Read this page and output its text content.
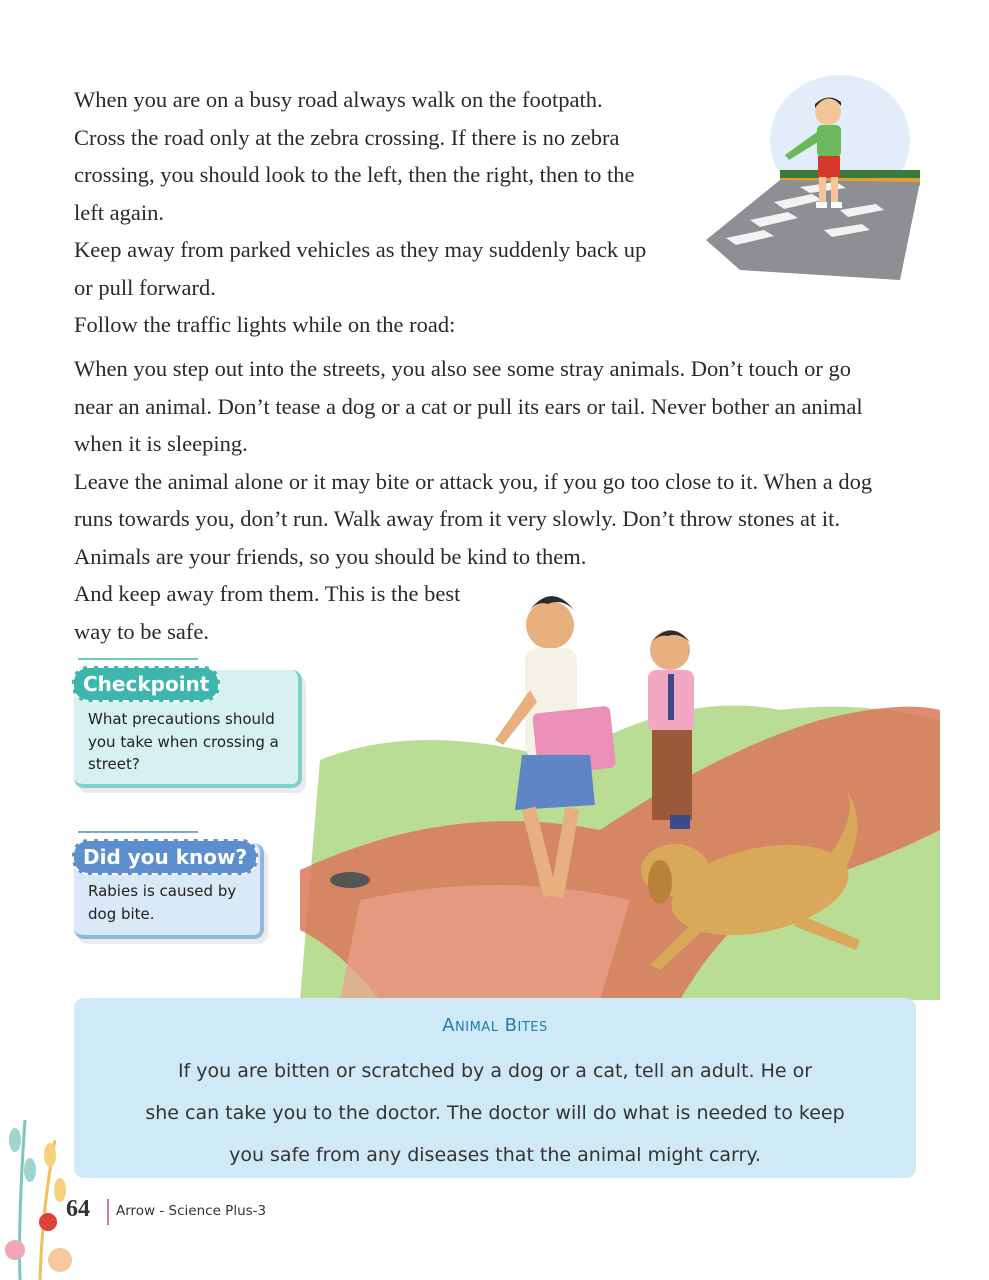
When you are on a busy road always walk on the footpath.
Cross the road only at the zebra crossing. If there is no zebra
crossing, you should look to the left, then the right, then to the
left again.
Keep away from parked vehicles as they may suddenly back up
or pull forward.
Follow the traffic lights while on the road:

When you step out into the streets, you also see some stray animals. Don’t touch or go
near an animal. Don’t tease a dog or a cat or pull its ears or tail. Never bother an animal
when it is sleeping.
Leave the animal alone or it may bite or attack you, if you go too close to it. When a dog
runs towards you, don’t run. Walk away from it very slowly. Don’t throw stones at it.
Animals are your friends, so you should be kind to them.
And keep away from them. This is the best
way to be safe.

Checkpoint
What precautions should you take when crossing a street?
Did you know?
Rabies is caused by dog bite.
Animal Bites
If you are bitten or scratched by a dog or a cat, tell an adult. He or
she can take you to the doctor. The doctor will do what is needed to keep
you safe from any diseases that the animal might carry.
64 Arrow - Science Plus-3
